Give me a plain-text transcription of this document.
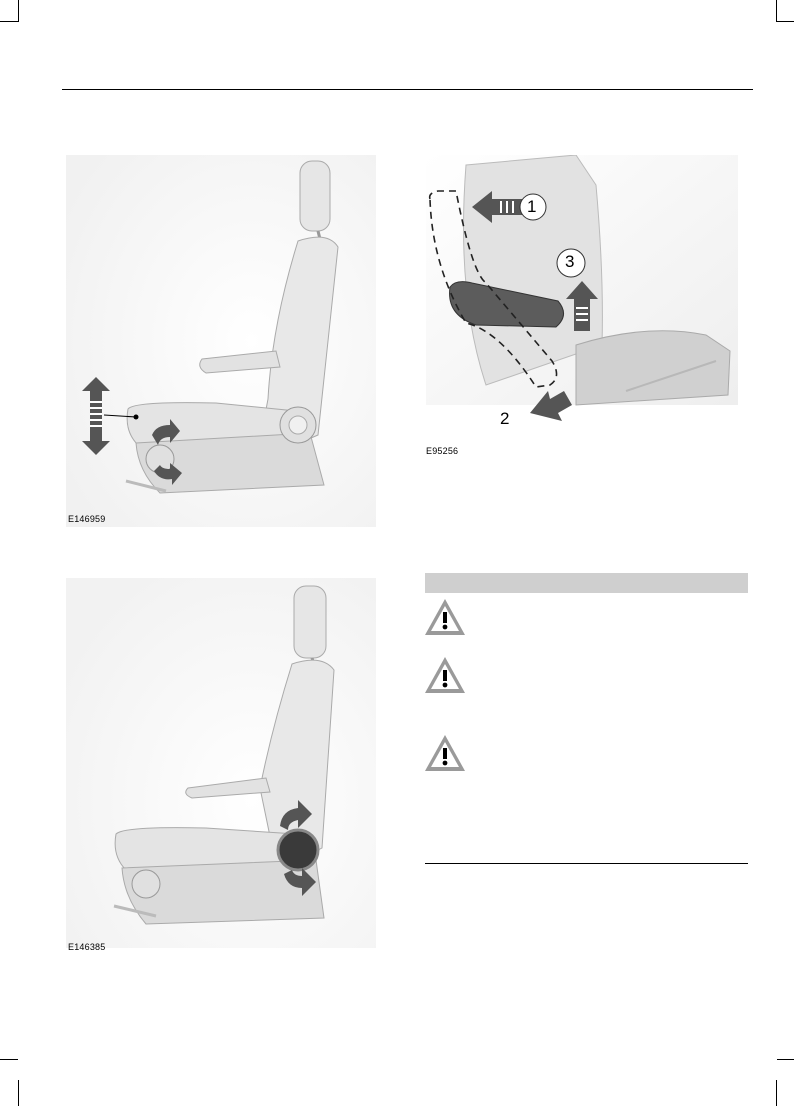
E146959
1
3
2
E95256
E146385
